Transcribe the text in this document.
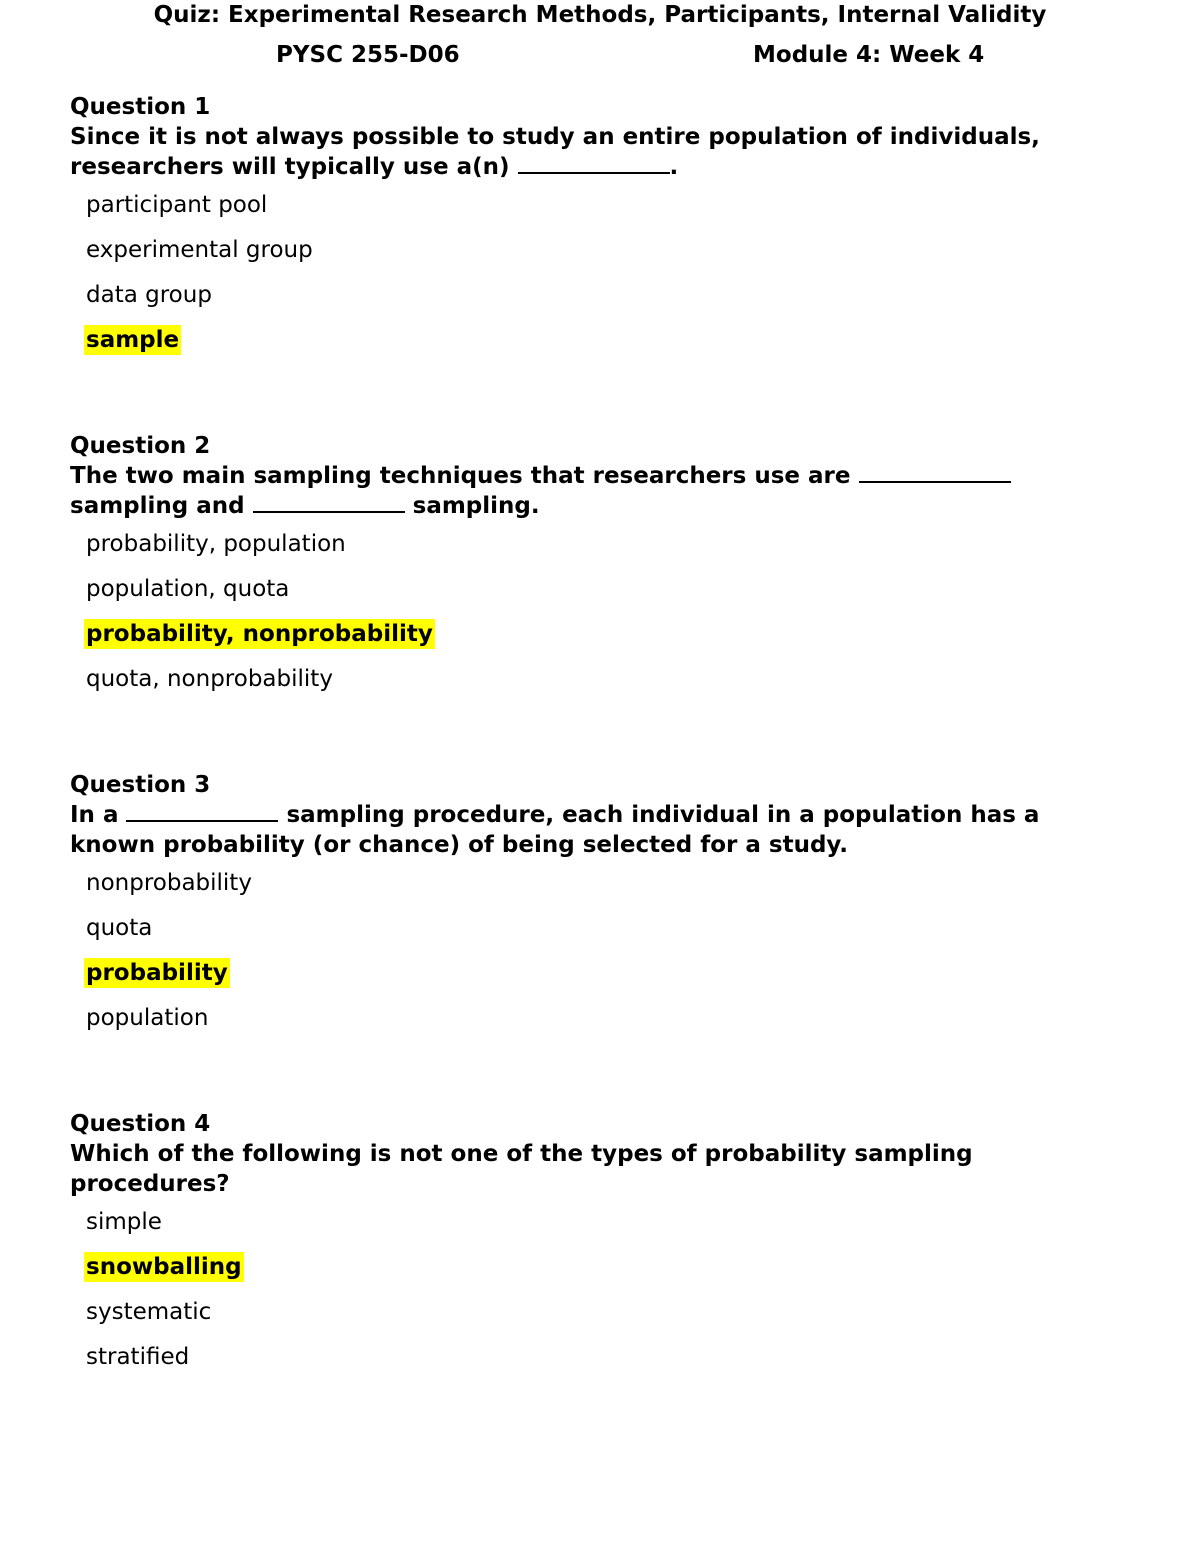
Quiz: Experimental Research Methods, Participants, Internal Validity
PYSC 255-D06	Module 4: Week 4

Question 1

Since it is not always possible to study an entire population of individuals, researchers will typically use a(n)	.

participant pool
experimental group
data group
sample

Question 2

The two main sampling techniques that researchers use are
sampling and	sampling.

probability, population
population, quota
probability, nonprobability
quota, nonprobability

Question 3

In a	sampling procedure, each individual in a population has a known probability (or chance) of being selected for a study.

nonprobability
quota
probability
population

Question 4

Which of the following is not one of the types of probability sampling procedures?

simple
snowballing
systematic
stratified
